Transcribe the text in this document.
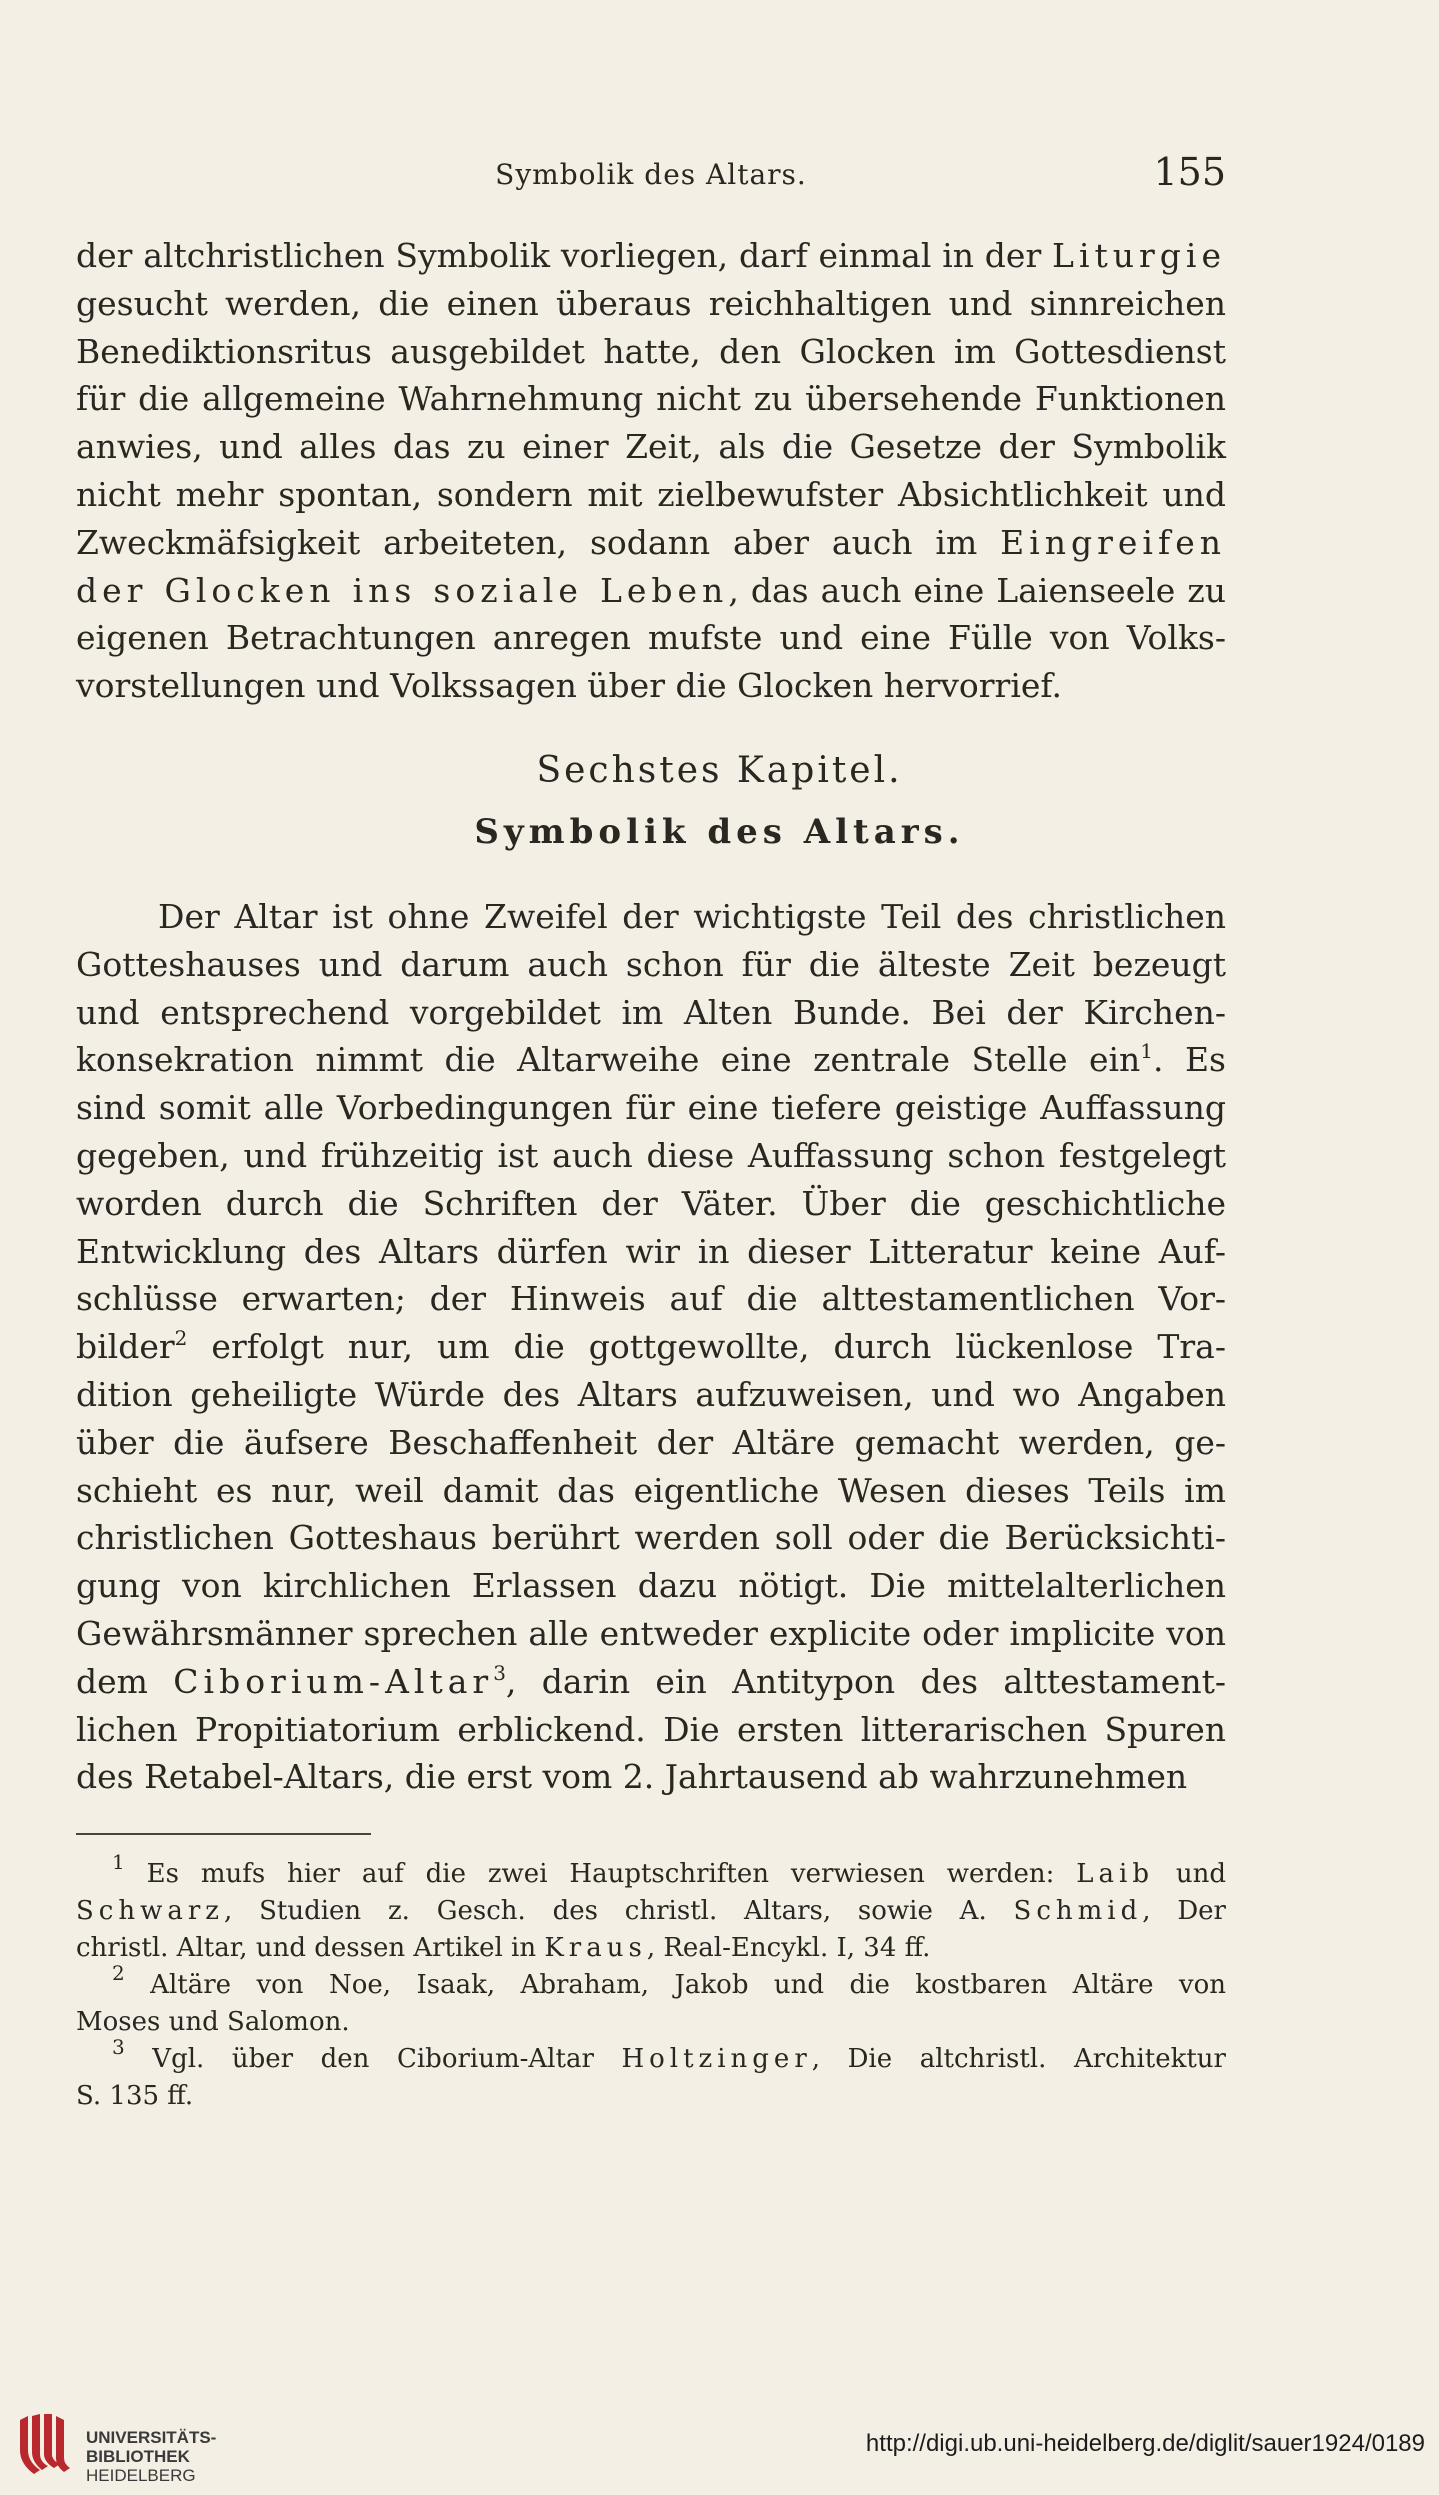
Symbolik des Altars.	155
der altchristlichen Symbolik vorliegen, darf einmal in der Liturgie
gesucht werden, die einen überaus reichhaltigen und sinnreichen
Benediktionsritus ausgebildet hatte, den Glocken im Gottesdienst
für die allgemeine Wahrnehmung nicht zu übersehende Funktionen
anwies, und alles das zu einer Zeit, als die Gesetze der Symbolik
nicht mehr spontan, sondern mit zielbewufster Absichtlichkeit und
Zweckmäfsigkeit arbeiteten, sodann aber auch im Eingreifen
der Glocken ins soziale Leben, das auch eine Laienseele zu
eigenen Betrachtungen anregen mufste und eine Fülle von Volks-
vorstellungen und Volkssagen über die Glocken hervorrief.
Sechstes Kapitel.
Symbolik des Altars.
Der Altar ist ohne Zweifel der wichtigste Teil des christlichen
Gotteshauses und darum auch schon für die älteste Zeit bezeugt
und entsprechend vorgebildet im Alten Bunde. Bei der Kirchen-
konsekration nimmt die Altarweihe eine zentrale Stelle ein$^1$. Es
sind somit alle Vorbedingungen für eine tiefere geistige Auffassung
gegeben, und frühzeitig ist auch diese Auffassung schon festgelegt
worden durch die Schriften der Väter. Über die geschichtliche
Entwicklung des Altars dürfen wir in dieser Litteratur keine Auf-
schlüsse erwarten; der Hinweis auf die alttestamentlichen Vor-
bilder$^2$ erfolgt nur, um die gottgewollte, durch lückenlose Tra-
dition geheiligte Würde des Altars aufzuweisen, und wo Angaben
über die äufsere Beschaffenheit der Altäre gemacht werden, ge-
schieht es nur, weil damit das eigentliche Wesen dieses Teils im
christlichen Gotteshaus berührt werden soll oder die Berücksichti-
gung von kirchlichen Erlassen dazu nötigt. Die mittelalterlichen
Gewährsmänner sprechen alle entweder explicite oder implicite von
dem Ciborium-Altar$^3$, darin ein Antitypon des alttestament-
lichen Propitiatorium erblickend. Die ersten litterarischen Spuren
des Retabel-Altars, die erst vom 2. Jahrtausend ab wahrzunehmen
$^1$ Es mufs hier auf die zwei Hauptschriften verwiesen werden: Laib und
Schwarz, Studien z. Gesch. des christl. Altars, sowie A. Schmid, Der
christl. Altar, und dessen Artikel in Kraus, Real-Encykl. I, 34 ff.
$^2$ Altäre von Noe, Isaak, Abraham, Jakob und die kostbaren Altäre von
Moses und Salomon.
$^3$ Vgl. über den Ciborium-Altar Holtzinger, Die altchristl. Architektur
S. 135 ff.
UNIVERSITÄTS-
BIBLIOTHEK
HEIDELBERG
http://digi.ub.uni-heidelberg.de/diglit/sauer1924/0189
